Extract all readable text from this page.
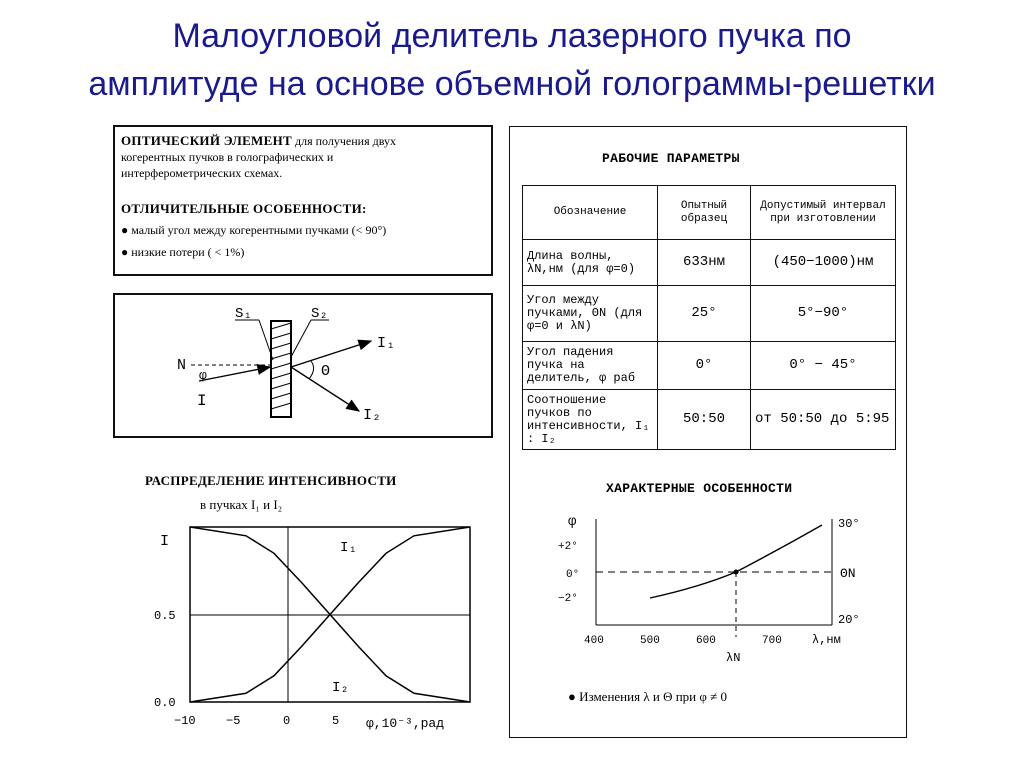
Малоугловой делитель лазерного пучка по
амплитуде на основе объемной голограммы-решетки
ОПТИЧЕСКИЙ ЭЛЕМЕНТ для получения двух
когерентных пучков в голографических и
интерферометрических схемах.
ОТЛИЧИТЕЛЬНЫЕ ОСОБЕННОСТИ:
● малый угол между когерентными пучками (< 90°)
● низкие потери ( < 1%)
S₁	S₂
N
φ
I
I₁
I₂
Θ
РАСПРЕДЕЛЕНИЕ ИНТЕНСИВНОСТИ
в пучках I₁ и I₂
I
0.5
0.0
−10	−5	0	5 φ,10⁻³,рад
I₁
I₂
РАБОЧИЕ ПАРАМЕТРЫ
Обозначение	Опытный образец	Допустимый интервал при изготовлении
Длина волны, λN,нм (для φ=0)	633нм	(450−1000)нм
Угол между пучками, ΘN (для φ=0 и λN)	25°	5°−90°
Угол падения пучка на делитель, φ раб	0°	0° − 45°
Соотношение пучков по интенсивности, I₁ : I₂	50:50	от 50:50 до 5:95
ХАРАКТЕРНЫЕ ОСОБЕННОСТИ
φ
+2°
0°
−2°
30°
ΘN
20°
400	500	600	700	λ,нм
λN
● Изменения λ и Θ при φ ≠ 0
